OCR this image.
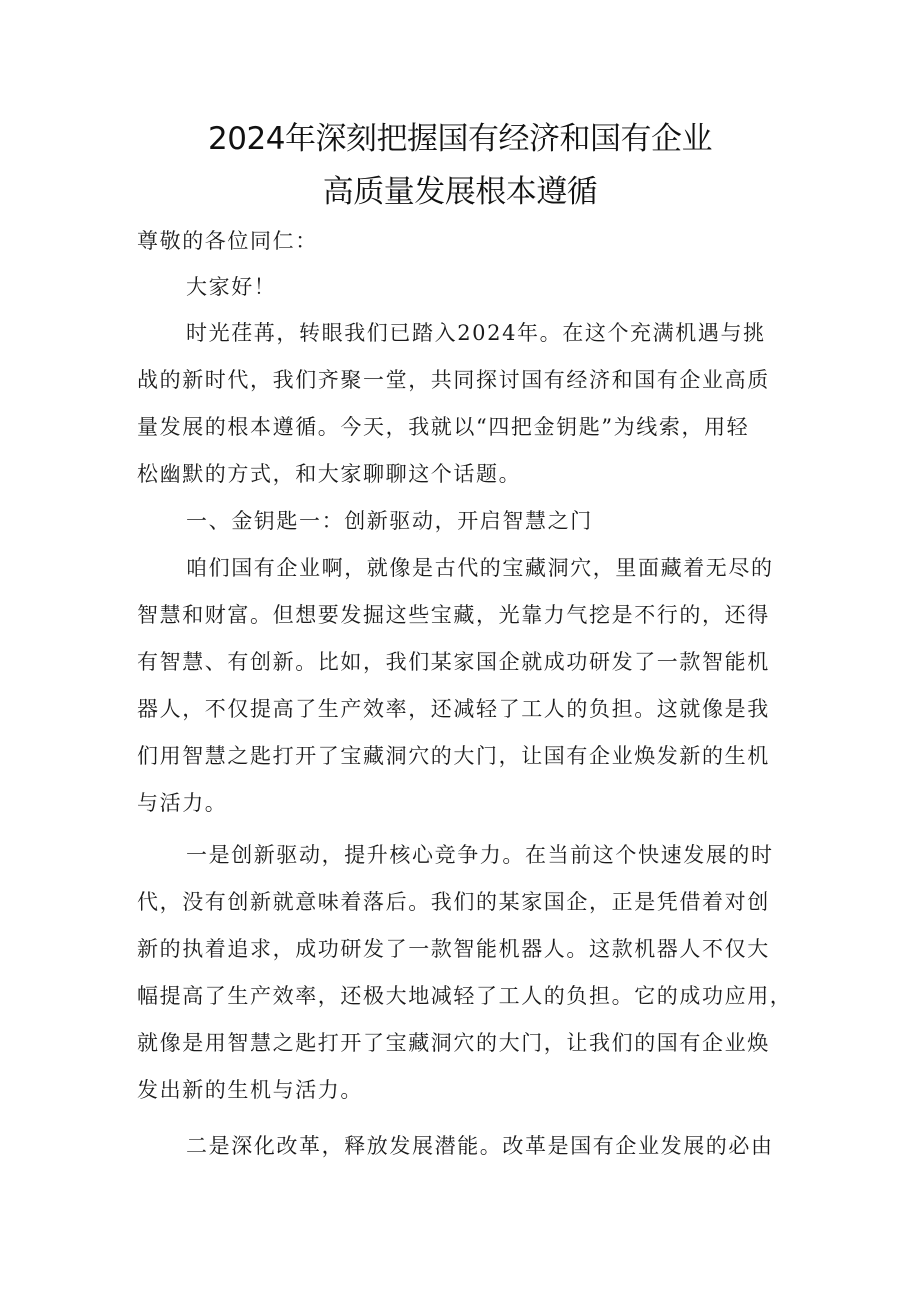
2024年深刻把握国有经济和国有企业
高质量发展根本遵循
尊敬的各位同仁：
大家好！
时光荏苒，转眼我们已踏入2024年。在这个充满机遇与挑
战的新时代，我们齐聚一堂，共同探讨国有经济和国有企业高质
量发展的根本遵循。今天，我就以“四把金钥匙”为线索，用轻
松幽默的方式，和大家聊聊这个话题。
一、金钥匙一：创新驱动，开启智慧之门
咱们国有企业啊，就像是古代的宝藏洞穴，里面藏着无尽的
智慧和财富。但想要发掘这些宝藏，光靠力气挖是不行的，还得
有智慧、有创新。比如，我们某家国企就成功研发了一款智能机
器人，不仅提高了生产效率，还减轻了工人的负担。这就像是我
们用智慧之匙打开了宝藏洞穴的大门，让国有企业焕发新的生机
与活力。
一是创新驱动，提升核心竞争力。在当前这个快速发展的时
代，没有创新就意味着落后。我们的某家国企，正是凭借着对创
新的执着追求，成功研发了一款智能机器人。这款机器人不仅大
幅提高了生产效率，还极大地减轻了工人的负担。它的成功应用，
就像是用智慧之匙打开了宝藏洞穴的大门，让我们的国有企业焕
发出新的生机与活力。
二是深化改革，释放发展潜能。改革是国有企业发展的必由
